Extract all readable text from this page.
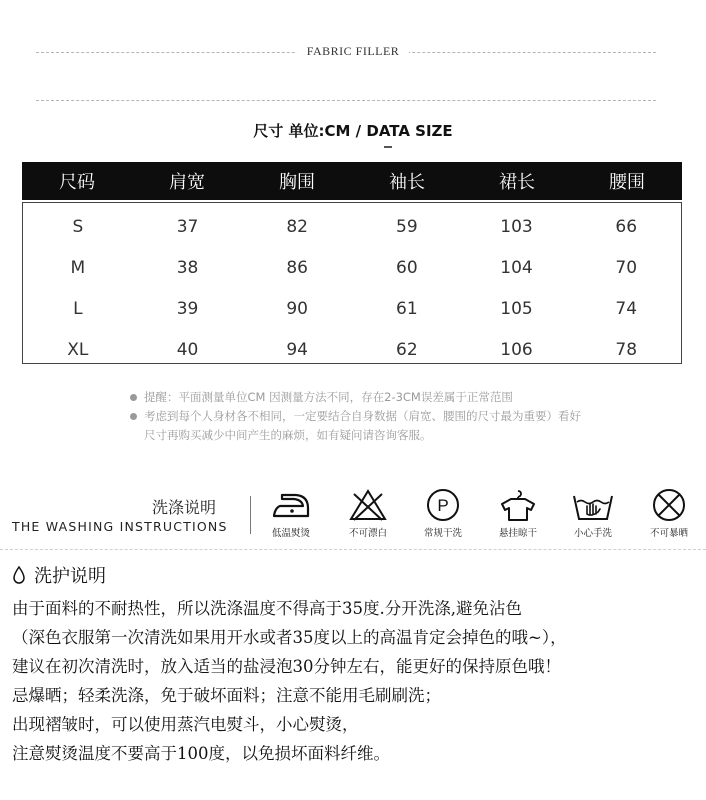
FABRIC FILLER
尺寸 单位:CM / DATA SIZE
尺码	肩宽	胸围	袖长	裙长	腰围
S	37	82	59	103	66
M	38	86	60	104	70
L	39	90	61	105	74
XL	40	94	62	106	78
提醒：平面测量单位CM 因测量方法不同，存在2-3CM误差属于正常范围
考虑到每个人身材各不相同，一定要结合自身数据（肩宽、腰围的尺寸最为重要）看好尺寸再购买减少中间产生的麻烦，如有疑问请咨询客服。
洗涤说明
THE WASHING INSTRUCTIONS	低温熨烫	不可漂白
P
常规干洗	悬挂晾干	小心手洗	不可暴晒
洗护说明
由于面料的不耐热性，所以洗涤温度不得高于35度.分开洗涤,避免沾色
（深色衣服第一次清洗如果用开水或者35度以上的高温肯定会掉色的哦~），
建议在初次清洗时，放入适当的盐浸泡30分钟左右，能更好的保持原色哦！
忌爆晒；轻柔洗涤，免于破坏面料；注意不能用毛刷刷洗；
出现褶皱时，可以使用蒸汽电熨斗，小心熨烫，
注意熨烫温度不要高于100度，以免损坏面料纤维。
